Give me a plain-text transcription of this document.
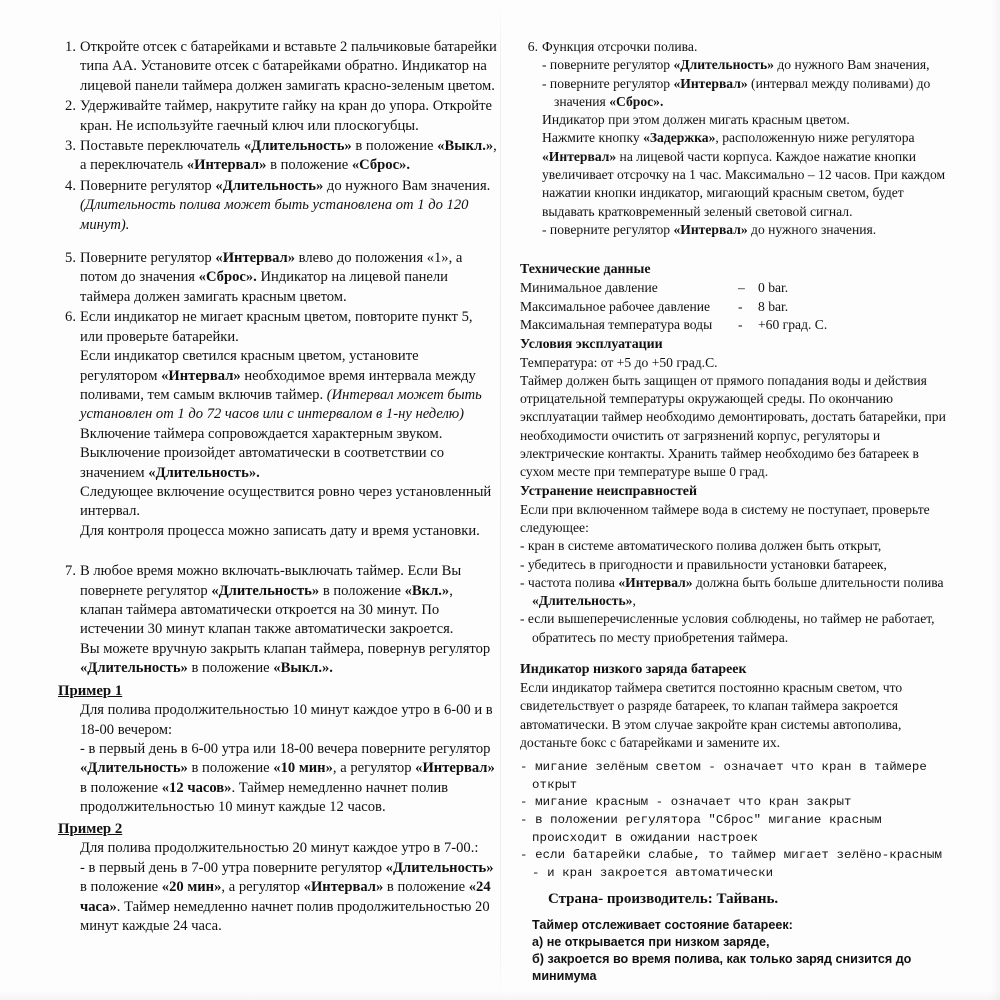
1. Откройте отсек с батарейками и вставьте 2 пальчиковые батарейки типа АА. Установите отсек с батарейками обратно. Индикатор на лицевой панели таймера должен замигать красно-зеленым цветом.
2. Удерживайте таймер, накрутите гайку на кран до упора. Откройте кран. Не используйте гаечный ключ или плоскогубцы.
3. Поставьте переключатель «Длительность» в положение «Выкл.», а переключатель «Интервал» в положение «Сброс».
4. Поверните регулятор «Длительность» до нужного Вам значения.
(Длительность полива может быть установлена от 1 до 120 минут).
5. Поверните регулятор «Интервал» влево до положения «1», а потом до значения «Сброс». Индикатор на лицевой панели таймера должен замигать красным цветом.
6. Если индикатор не мигает красным цветом, повторите пункт 5, или проверьте батарейки.
Если индикатор светился красным цветом, установите регулятором «Интервал» необходимое время интервала между поливами, тем самым включив таймер. (Интервал может быть установлен от 1 до 72 часов или с интервалом в 1-ну неделю)
Включение таймера сопровождается характерным звуком. Выключение произойдет автоматически в соответствии со значением «Длительность».
Следующее включение осуществится ровно через установленный интервал.
Для контроля процесса можно записать дату и время установки.
7. В любое время можно включать-выключать таймер. Если Вы повернете регулятор «Длительность» в положение «Вкл.», клапан таймера автоматически откроется на 30 минут. По истечении 30 минут клапан также автоматически закроется.
Вы можете вручную закрыть клапан таймера, повернув регулятор «Длительность» в положение «Выкл.».
Пример 1
Для полива продолжительностью 10 минут каждое утро в 6-00 и в 18-00 вечером:
- в первый день в 6-00 утра или 18-00 вечера поверните регулятор «Длительность» в положение «10 мин», а регулятор «Интервал» в положение «12 часов». Таймер немедленно начнет полив продолжительностью 10 минут каждые 12 часов.
Пример 2
Для полива продолжительностью 20 минут каждое утро в 7-00.:
- в первый день в 7-00 утра поверните регулятор «Длительность» в положение «20 мин», а регулятор «Интервал» в положение «24 часа». Таймер немедленно начнет полив продолжительностью 20 минут каждые 24 часа.
6. Функция отсрочки полива.
- поверните регулятор «Длительность» до нужного Вам значения,
- поверните регулятор «Интервал» (интервал между поливами) до значения «Сброс».
Индикатор при этом должен мигать красным цветом.
Нажмите кнопку «Задержка», расположенную ниже регулятора «Интервал» на лицевой части корпуса. Каждое нажатие кнопки увеличивает отсрочку на 1 час. Максимально – 12 часов. При каждом нажатии кнопки индикатор, мигающий красным светом, будет выдавать кратковременный зеленый световой сигнал.
- поверните регулятор «Интервал» до нужного значения.
Технические данные
Минимальное давление	– 0 bar.
Максимальное рабочее давление	-	8 bar.
Максимальная температура воды	-	+60 град. С.
Условия эксплуатации
Температура: от +5 до +50 град.С.
Таймер должен быть защищен от прямого попадания воды и действия отрицательной температуры окружающей среды. По окончанию эксплуатации таймер необходимо демонтировать, достать батарейки, при необходимости очистить от загрязнений корпус, регуляторы и электрические контакты. Хранить таймер необходимо без батареек в сухом месте при температуре выше 0 град.
Устранение неисправностей
Если при включенном таймере вода в систему не поступает, проверьте следующее:
- кран в системе автоматического полива должен быть открыт,
- убедитесь в пригодности и правильности установки батареек,
- частота полива «Интервал» должна быть больше длительности полива «Длительность»,
- если вышеперечисленные условия соблюдены, но таймер не работает, обратитесь по месту приобретения таймера.
Индикатор низкого заряда батареек
Если индикатор таймера светится постоянно красным светом, что свидетельствует о разряде батареек, то клапан таймера закроется автоматически. В этом случае закройте кран системы автополива, достаньте бокс с батарейками и замените их.
- мигание зелёным светом - означает что кран в таймере открыт
- мигание красным - означает что кран закрыт
- в положении регулятора "Сброс" мигание красным происходит в ожидании настроек
- если батарейки слабые, то таймер мигает зелёно-красным - и кран закроется автоматически
Страна- производитель: Тайвань.
Таймер отслеживает состояние батареек:
а) не открывается при низком заряде,
б) закроется во время полива, как только заряд снизится до минимума
